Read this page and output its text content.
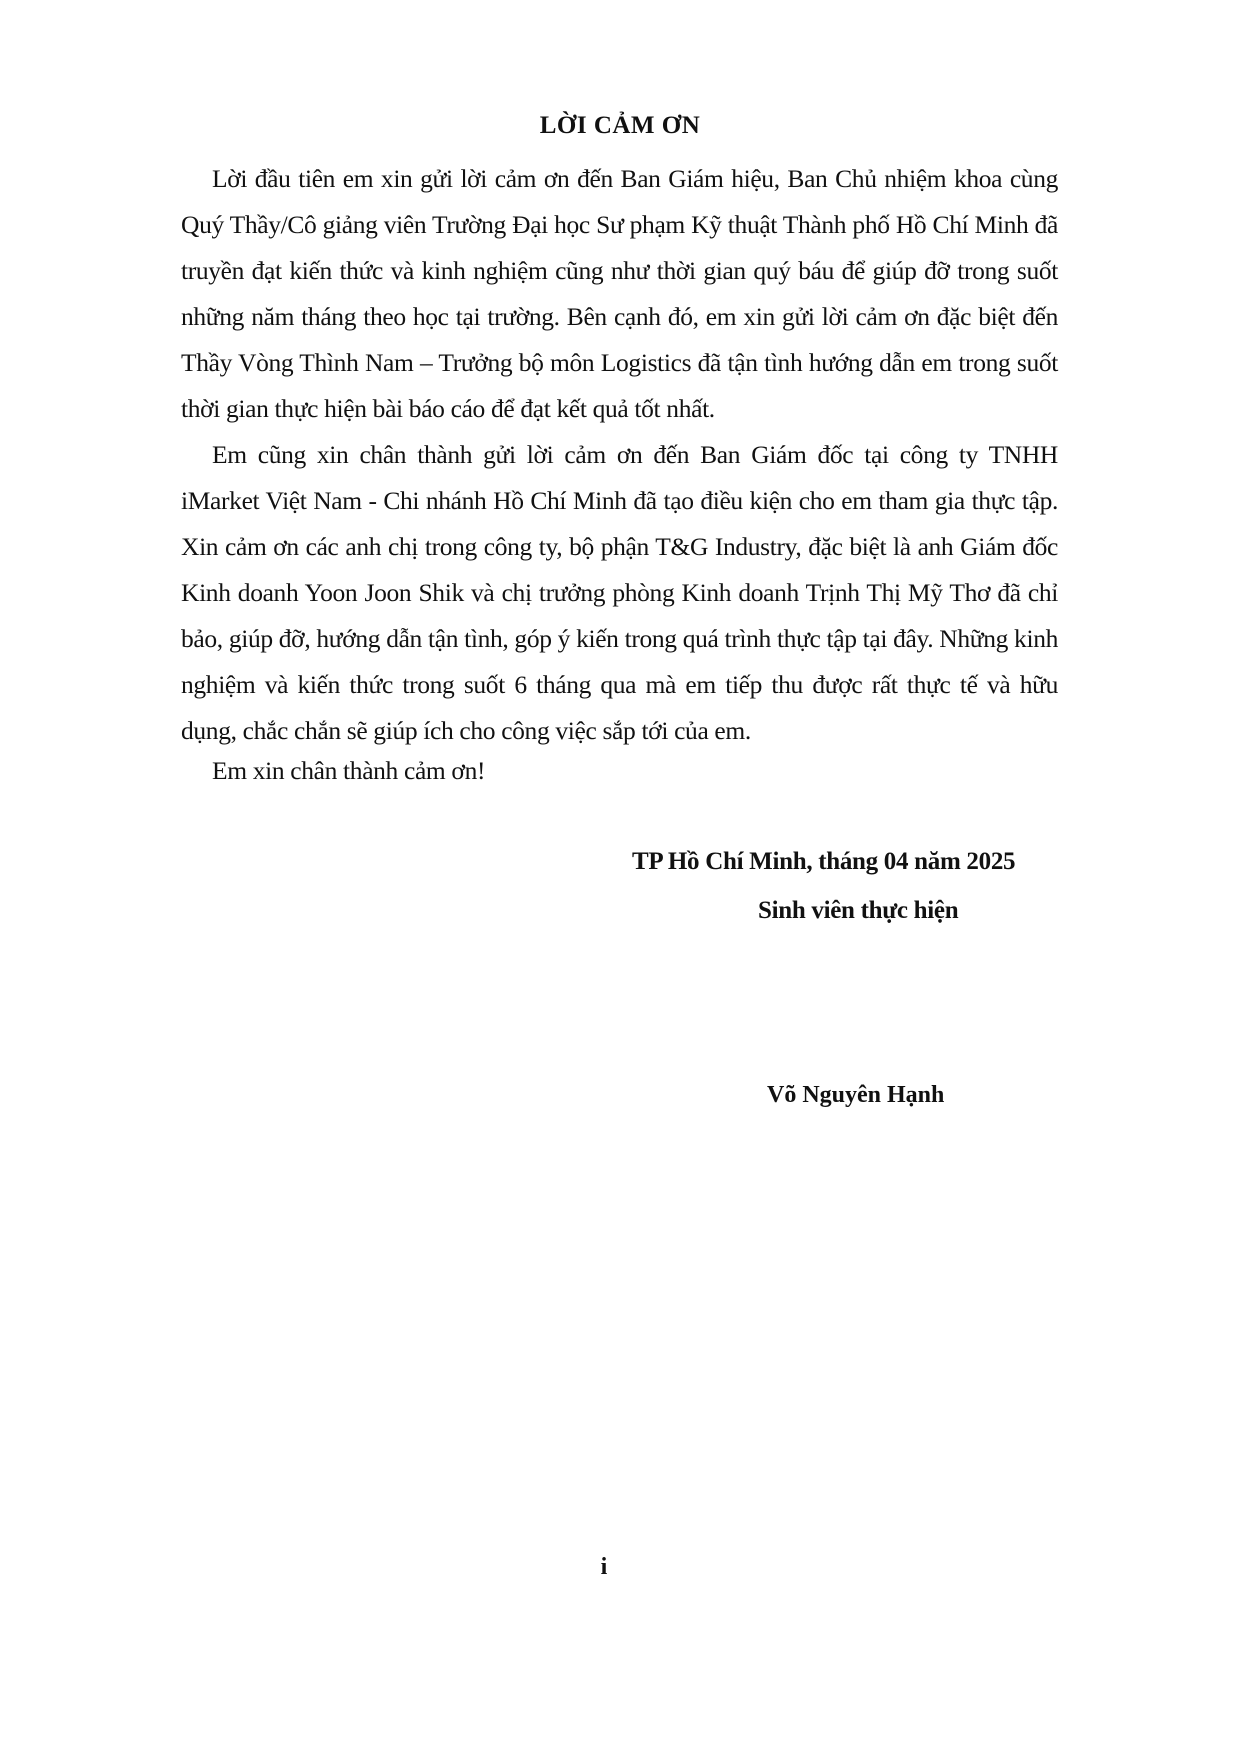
LỜI CẢM ƠN

Lời đầu tiên em xin gửi lời cảm ơn đến Ban Giám hiệu, Ban Chủ nhiệm khoa cùng Quý Thầy/Cô giảng viên Trường Đại học Sư phạm Kỹ thuật Thành phố Hồ Chí Minh đã truyền đạt kiến thức và kinh nghiệm cũng như thời gian quý báu để giúp đỡ trong suốt những năm tháng theo học tại trường. Bên cạnh đó, em xin gửi lời cảm ơn đặc biệt đến Thầy Vòng Thình Nam – Trưởng bộ môn Logistics đã tận tình hướng dẫn em trong suốt thời gian thực hiện bài báo cáo để đạt kết quả tốt nhất.

Em cũng xin chân thành gửi lời cảm ơn đến Ban Giám đốc tại công ty TNHH iMarket Việt Nam - Chi nhánh Hồ Chí Minh đã tạo điều kiện cho em tham gia thực tập. Xin cảm ơn các anh chị trong công ty, bộ phận T&G Industry, đặc biệt là anh Giám đốc Kinh doanh Yoon Joon Shik và chị trưởng phòng Kinh doanh Trịnh Thị Mỹ Thơ đã chỉ bảo, giúp đỡ, hướng dẫn tận tình, góp ý kiến trong quá trình thực tập tại đây. Những kinh nghiệm và kiến thức trong suốt 6 tháng qua mà em tiếp thu được rất thực tế và hữu dụng, chắc chắn sẽ giúp ích cho công việc sắp tới của em.

Em xin chân thành cảm ơn!
TP Hồ Chí Minh, tháng 04 năm 2025
Sinh viên thực hiện
Võ Nguyên Hạnh
i
